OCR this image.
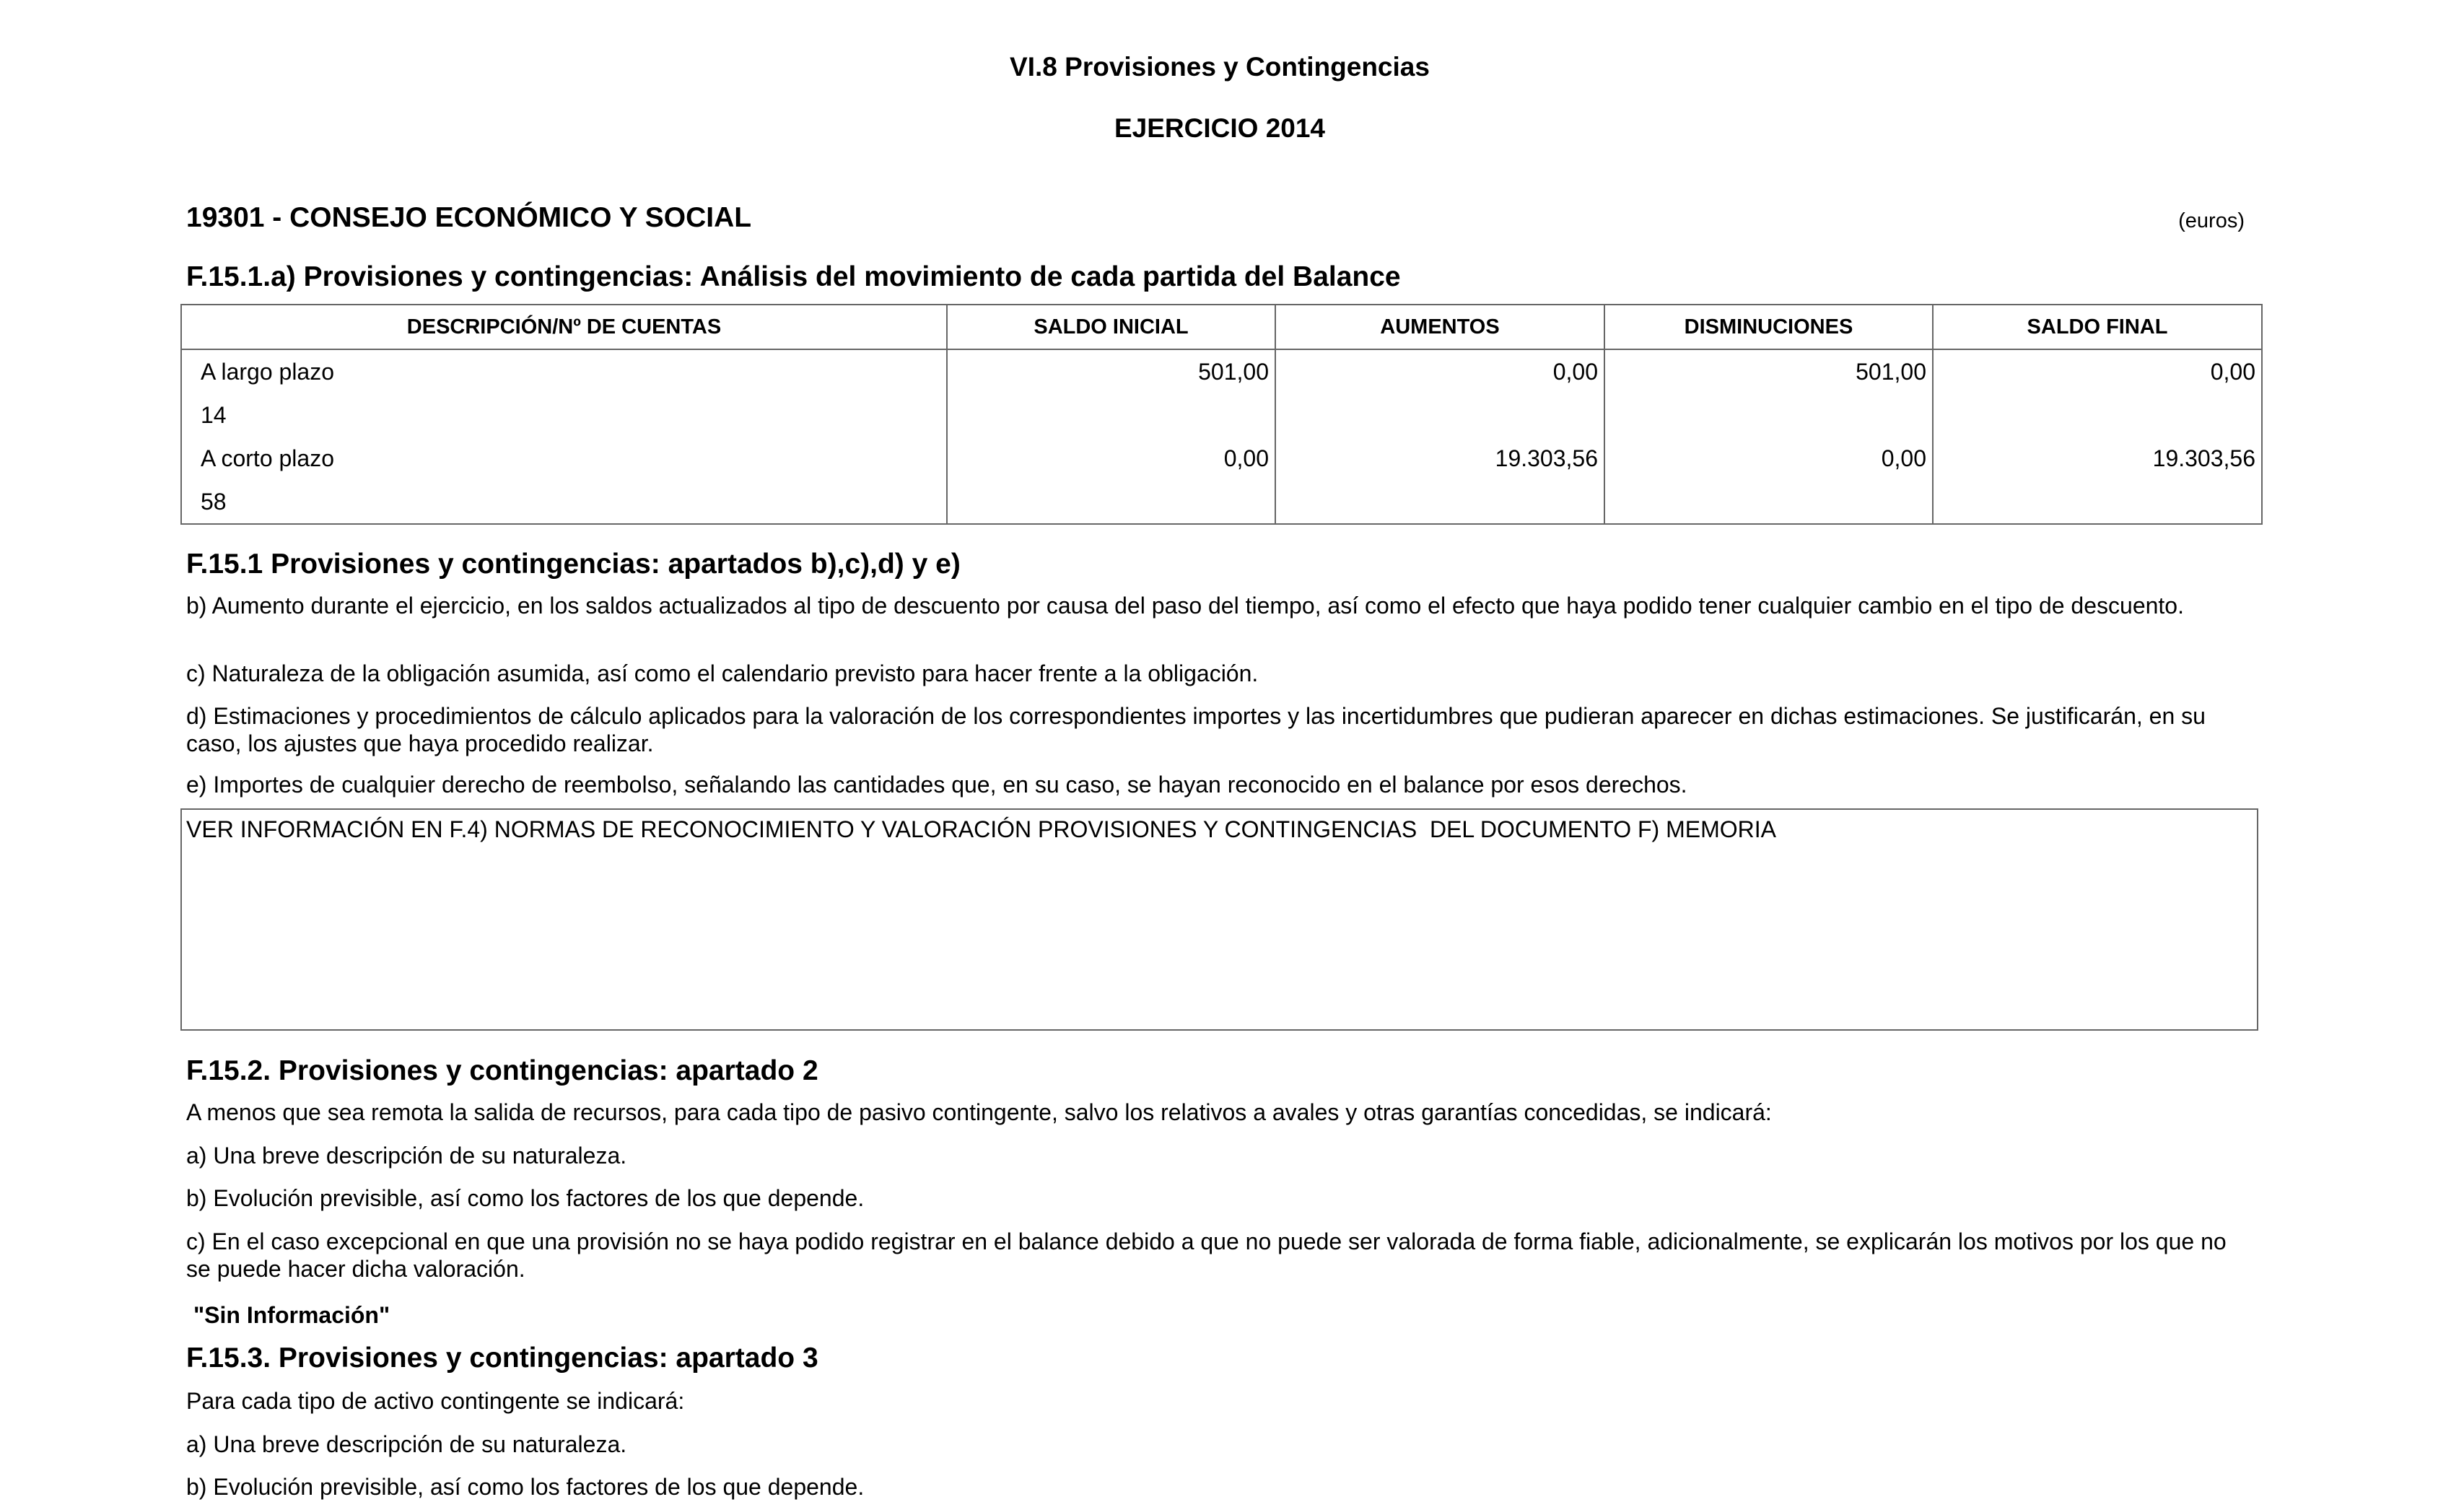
VI.8 Provisiones y Contingencias
EJERCICIO 2014
19301 - CONSEJO ECONÓMICO Y SOCIAL	(euros)
F.15.1.a) Provisiones y contingencias: Análisis del movimiento de cada partida del Balance
DESCRIPCIÓN/Nº DE CUENTAS	SALDO INICIAL	AUMENTOS	DISMINUCIONES	SALDO FINAL
A largo plazo	501,00	0,00	501,00	0,00
14				
A corto plazo	0,00	19.303,56	0,00	19.303,56
58				
F.15.1 Provisiones y contingencias: apartados b),c),d) y e)
b) Aumento durante el ejercicio, en los saldos actualizados al tipo de descuento por causa del paso del tiempo, así como el efecto que haya podido tener cualquier cambio en el tipo de descuento.
c) Naturaleza de la obligación asumida, así como el calendario previsto para hacer frente a la obligación.
d) Estimaciones y procedimientos de cálculo aplicados para la valoración de los correspondientes importes y las incertidumbres que pudieran aparecer en dichas estimaciones. Se justificarán, en su caso, los ajustes que haya procedido realizar.
e) Importes de cualquier derecho de reembolso, señalando las cantidades que, en su caso, se hayan reconocido en el balance por esos derechos.
VER INFORMACIÓN EN F.4) NORMAS DE RECONOCIMIENTO Y VALORACIÓN PROVISIONES Y CONTINGENCIAS  DEL DOCUMENTO F) MEMORIA
F.15.2. Provisiones y contingencias: apartado 2
A menos que sea remota la salida de recursos, para cada tipo de pasivo contingente, salvo los relativos a avales y otras garantías concedidas, se indicará:
a) Una breve descripción de su naturaleza.
b) Evolución previsible, así como los factores de los que depende.
c) En el caso excepcional en que una provisión no se haya podido registrar en el balance debido a que no puede ser valorada de forma fiable, adicionalmente, se explicarán los motivos por los que no se puede hacer dicha valoración.
"Sin Información"
F.15.3. Provisiones y contingencias: apartado 3
Para cada tipo de activo contingente se indicará:
a) Una breve descripción de su naturaleza.
b) Evolución previsible, así como los factores de los que depende.
